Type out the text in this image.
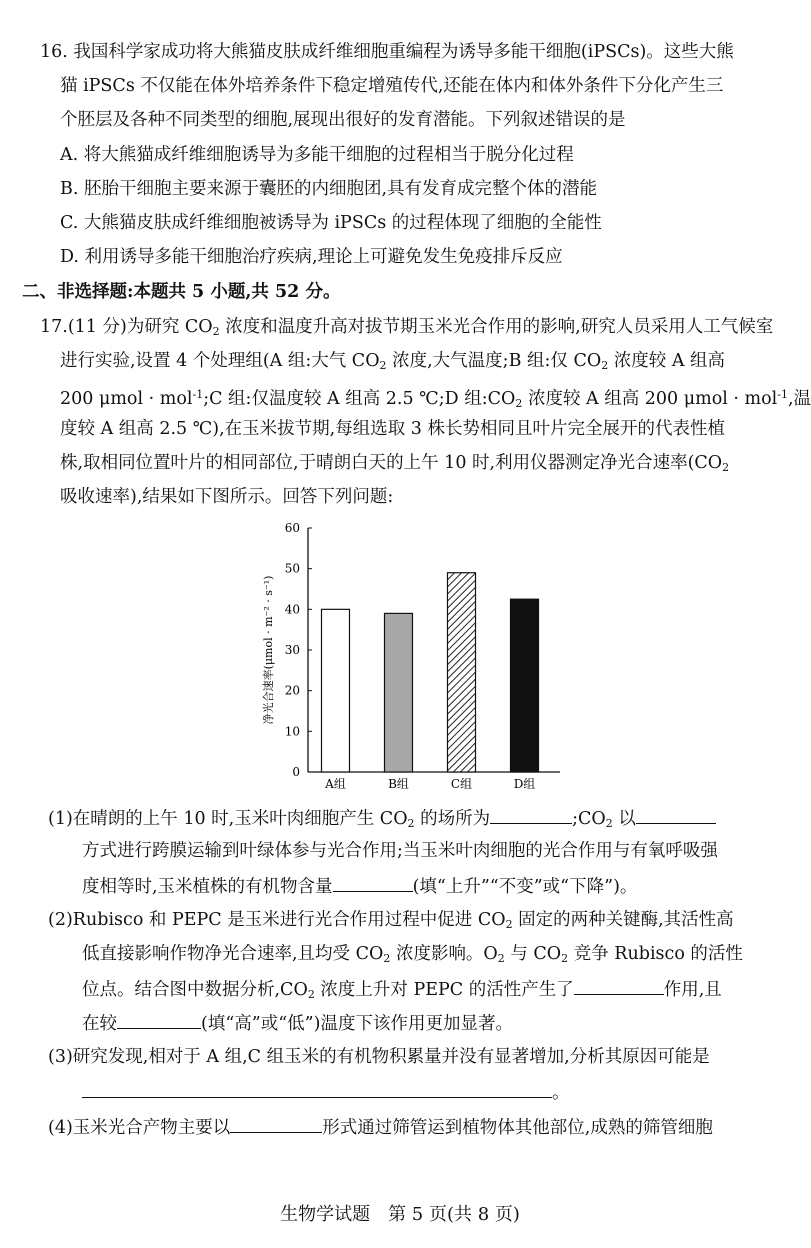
16. 我国科学家成功将大熊猫皮肤成纤维细胞重编程为诱导多能干细胞(iPSCs)。这些大熊
猫 iPSCs 不仅能在体外培养条件下稳定增殖传代,还能在体内和体外条件下分化产生三
个胚层及各种不同类型的细胞,展现出很好的发育潜能。下列叙述错误的是
A. 将大熊猫成纤维细胞诱导为多能干细胞的过程相当于脱分化过程
B. 胚胎干细胞主要来源于囊胚的内细胞团,具有发育成完整个体的潜能
C. 大熊猫皮肤成纤维细胞被诱导为 iPSCs 的过程体现了细胞的全能性
D. 利用诱导多能干细胞治疗疾病,理论上可避免发生免疫排斥反应
二、非选择题:本题共 5 小题,共 52 分。
17.(11 分)为研究 $CO_2$ 浓度和温度升高对拔节期玉米光合作用的影响,研究人员采用人工气候室
进行实验,设置 4 个处理组(A 组:大气 $CO_2$ 浓度,大气温度;B 组:仅 $CO_2$ 浓度较 A 组高
200 μmol · mol$^{-1}$;C 组:仅温度较 A 组高 2.5 ℃;D 组$:CO_2$ 浓度较 A 组高 200 μmol · mol$^{-1}$,温
度较 A 组高 2.5 ℃),在玉米拔节期,每组选取 3 株长势相同且叶片完全展开的代表性植
株,取相同位置叶片的相同部位,于晴朗白天的上午 10 时,利用仪器测定净光合速率($CO_2$
吸收速率),结果如下图所示。回答下列问题:
0
10
20
30
40
50
60
净光合速率(μmol · m⁻² · s⁻¹)
A组	B组	C组	D组
(1)在晴朗的上午 10 时,玉米叶肉细胞产生 $CO_2$ 的场所为	$;CO_2$ 以
方式进行跨膜运输到叶绿体参与光合作用;当玉米叶肉细胞的光合作用与有氧呼吸强
度相等时,玉米植株的有机物含量	(填“上升”“不变”或“下降”)。
(2)Rubisco 和 PEPC 是玉米进行光合作用过程中促进 $CO_2$ 固定的两种关键酶,其活性高
低直接影响作物净光合速率,且均受 $CO_2$ 浓度影响。$O_2$ 与 $CO_2$ 竞争 Rubisco 的活性
位点。结合图中数据分析$,CO_2$ 浓度上升对 PEPC 的活性产生了	作用,且
在较	(填“高”或“低”)温度下该作用更加显著。
(3)研究发现,相对于 A 组,C 组玉米的有机物积累量并没有显著增加,分析其原因可能是
。
(4)玉米光合产物主要以	形式通过筛管运到植物体其他部位,成熟的筛管细胞
生物学试题　第 5 页(共 8 页)
